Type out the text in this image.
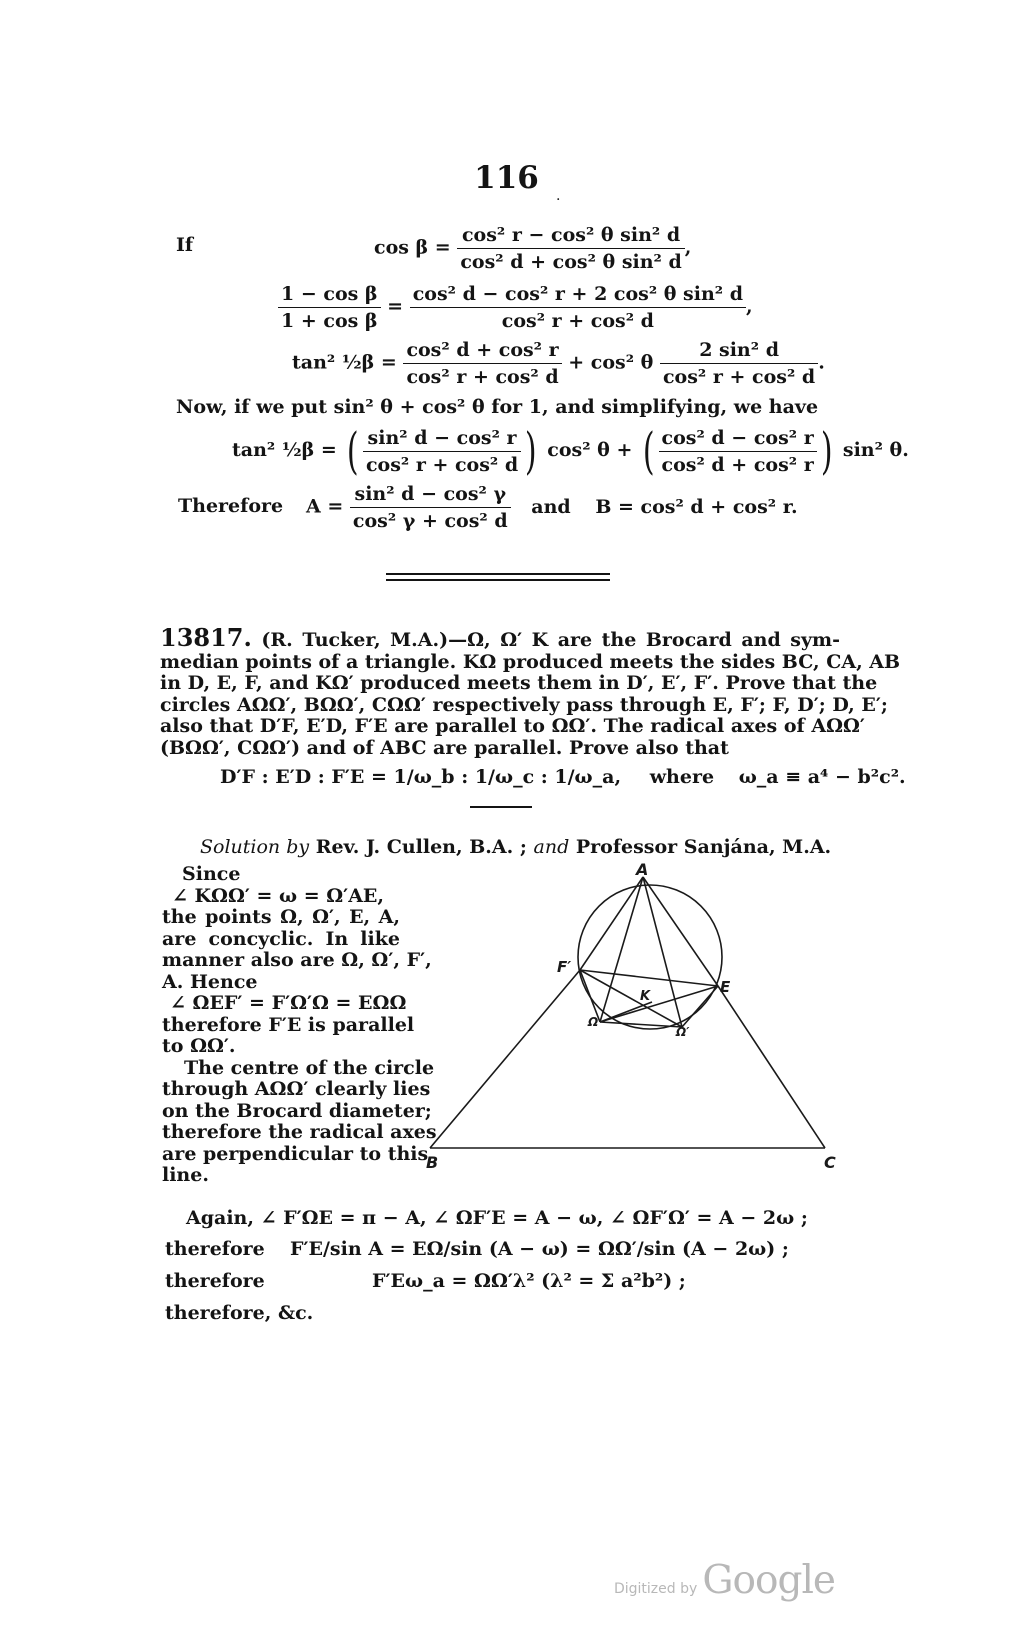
116	.
If	$\cos \beta = \frac{\text{cos² r − cos² θ sin² d}}{\text{cos² d + cos² θ sin² d}}$ ,
$\frac{\text{1 − cos β}}{\text{1 + cos β}} = \frac{\text{cos² d − cos² r + 2 cos² θ sin² d}}{\text{cos² r + cos² d}}$ ,
tan² ½β = $\frac{\text{cos² d + cos² r}}{\text{cos² r + cos² d}} + \cos^2$ θ $\frac{\text{2 sin² d}}{\text{cos² r + cos² d}}$ .
Now, if we put sin² θ + cos² θ for 1, and simplifying, we have
tan² ½β = ( $\frac{\text{sin² d − cos² r}}{\text{cos² r + cos² d}}$ ) cos² θ + ( $\frac{\text{cos² d − cos² r}}{\text{cos² d + cos² r}}$ ) sin² θ.
Therefore $A = \frac{\text{sin² d − cos² γ}}{\text{cos² γ + cos² d}}$ and B = cos² d + cos² r.
13817. (R. Tucker, M.A.)—Ω, Ω′ K are the Brocard and sym-
median points of a triangle. KΩ produced meets the sides BC, CA, AB
in D, E, F, and KΩ′ produced meets them in D′, E′, F′. Prove that the
circles AΩΩ′, BΩΩ′, CΩΩ′ respectively pass through E, F′; F, D′; D, E′;
also that D′F, E′D, F′E are parallel to ΩΩ′. The radical axes of AΩΩ′
(BΩΩ′, CΩΩ′) and of ABC are parallel. Prove also that
D′F : E′D : F′E = 1/ω_b : 1/ω_c : 1/ω_a, where ω_a ≡ a⁴ − b²c².
Solution by Rev. J. Cullen, B.A. ; and Professor Sanjána, M.A.
Since
∠ KΩΩ′ = ω = Ω′AE,
the points Ω, Ω′, E, A,
are concyclic. In like
manner also are Ω, Ω′, F′,
A. Hence
∠ ΩEF′ = F′Ω′Ω = EΩΩ
therefore F′E is parallel
to ΩΩ′.
The centre of the circle
through AΩΩ′ clearly lies
on the Brocard diameter;
therefore the radical axes
are perpendicular to this
line.
A
B	C
E
F′
K
Ω
Ω′
Again, ∠ F′ΩE = π − A, ∠ ΩF′E = A − ω, ∠ ΩF′Ω′ = A − 2ω ;
therefore F′E/sin A = EΩ/sin (A − ω) = ΩΩ′/sin (A − 2ω) ;
therefore	F′Eω_a = ΩΩ′λ² (λ² = Σ a²b²) ;
therefore, &c.
Digitized by Google
